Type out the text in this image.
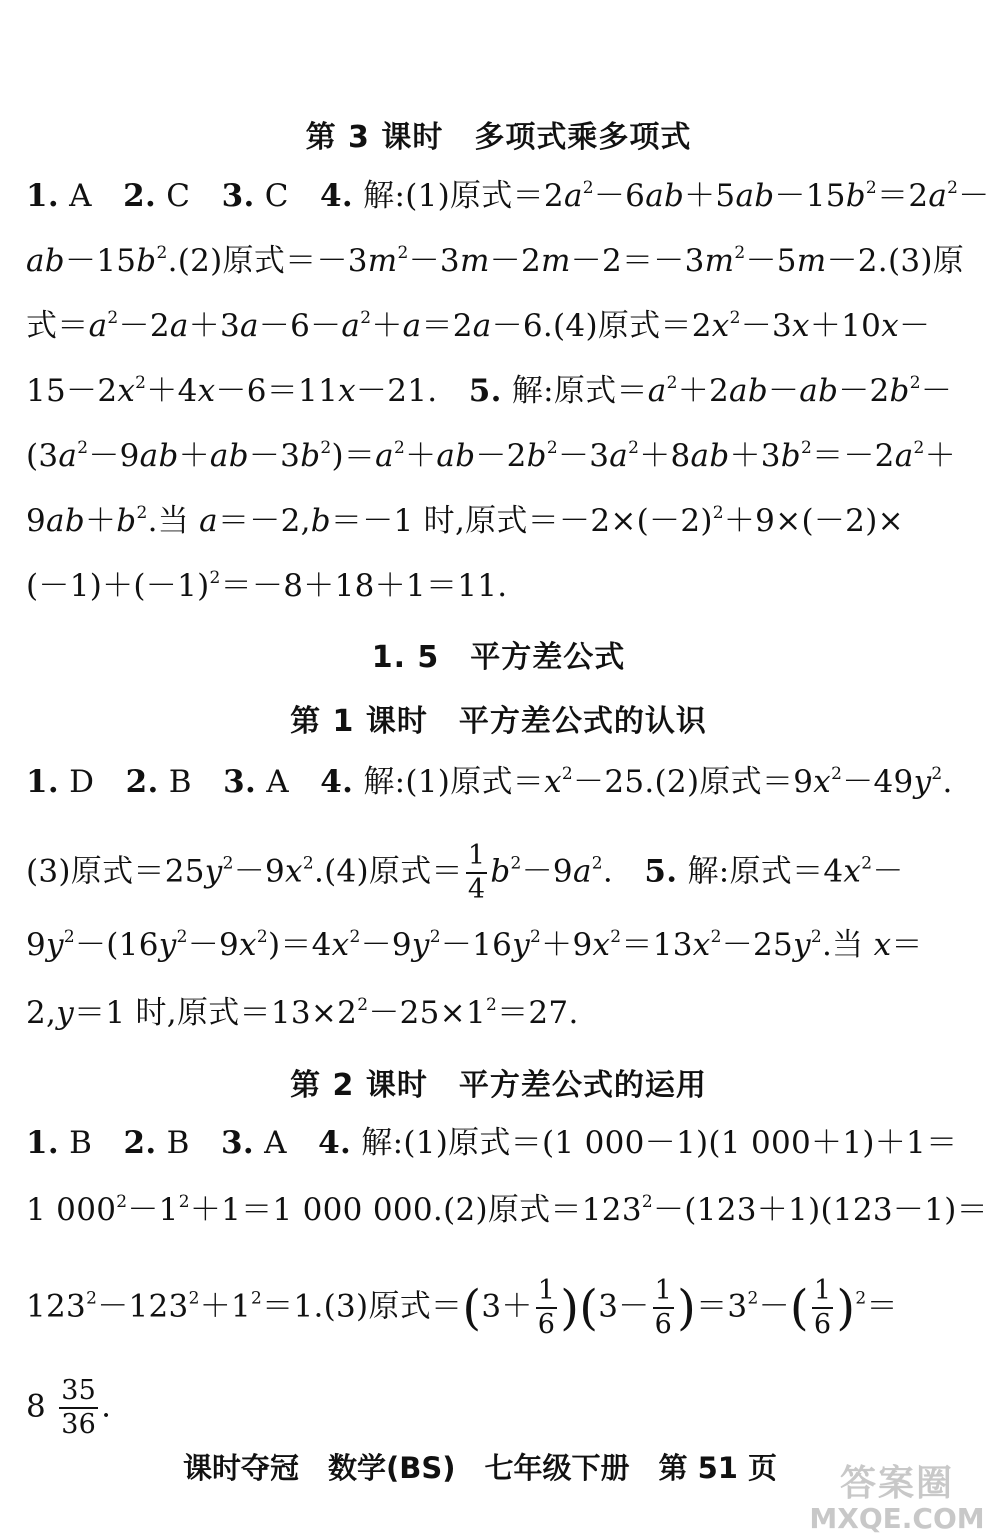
第 3 课时　多项式乘多项式
1. A　2. C　3. C　4. 解:(1)原式$=2a^2-6ab+5ab-15b^2=2a^2-$
$ab-15b^2.(2)$原式$=-3m^2-3m-2m-2=-3m^2-5m-2.(3)$原
式$=a^2-2a+3a-6-a^2+a=2a-6.(4)$原式$=2x^2-3x+10x-$
$15-2x^2+4x-6=11x-21$.　5. 解:原式$=a^2+2ab-ab-2b^2-$
$(3a^2-9ab+ab-3b^2)=a^2+ab-2b^2-3a^2+8ab+3b^2=-2a^2+$
$9ab+b^2$.当 a＝－2,b＝－1 时,原式$=-2\times(-2)^2+9\times(-2)\times$
$(-1)+(-1)^2=-8+18+1=11$.
1. 5　平方差公式
第 1 课时　平方差公式的认识
1. D　2. B　3. A　4. 解:(1)原式$=x^2-25.(2)$原式$=9x^2-49y^2$.
(3)原式$=25y^2-9x^2.(4)$原式＝ $\frac{1}{4} b^2-9a^2$.　5. 解:原式$=4x^2-$
$9y^2-(16y^2-9x^2)=4x^2-9y^2-16y^2+9x^2=13x^2-25y^2$.当 x＝
2,y＝1 时,原式$=13\times 2^2-25\times 1^2=27$.
第 2 课时　平方差公式的运用
1. B　2. B　3. A　4. 解:(1)原式＝(1 000－1)(1 000＋1)＋1＝
1 $000^2-1^2+1=1$ 000 000.(2)原式$=123^2-(123+1)(123-1)=$
$123^2-123^2+1^2=1.(3)$原式$=(3+ \frac{1}{6} )(3- \frac{1}{6} )=3^2-( \frac{1}{6} )^2=$
$8 \frac{35}{36}$ .
课时夺冠　数学(BS)　七年级下册　第 51 页	答案圈
MXQE.COM
